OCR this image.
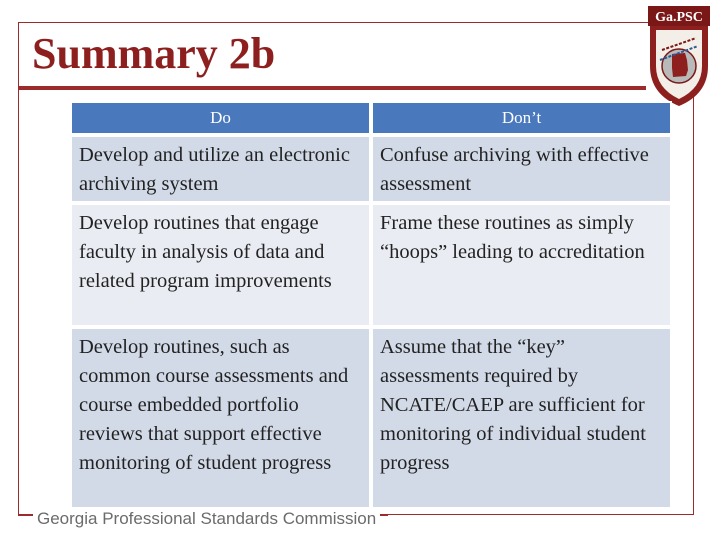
Summary 2b
Ga.PSC
Do	Don’t
Develop and utilize an electronic archiving system	Confuse archiving with effective assessment
Develop routines that engage faculty in analysis of data and related program improvements	Frame these routines as simply “hoops” leading to accreditation
Develop routines, such as common course assessments and course embedded portfolio reviews that support effective monitoring of student progress	Assume that the “key” assessments required by NCATE/CAEP are sufficient for monitoring of individual student progress
Georgia Professional Standards Commission
